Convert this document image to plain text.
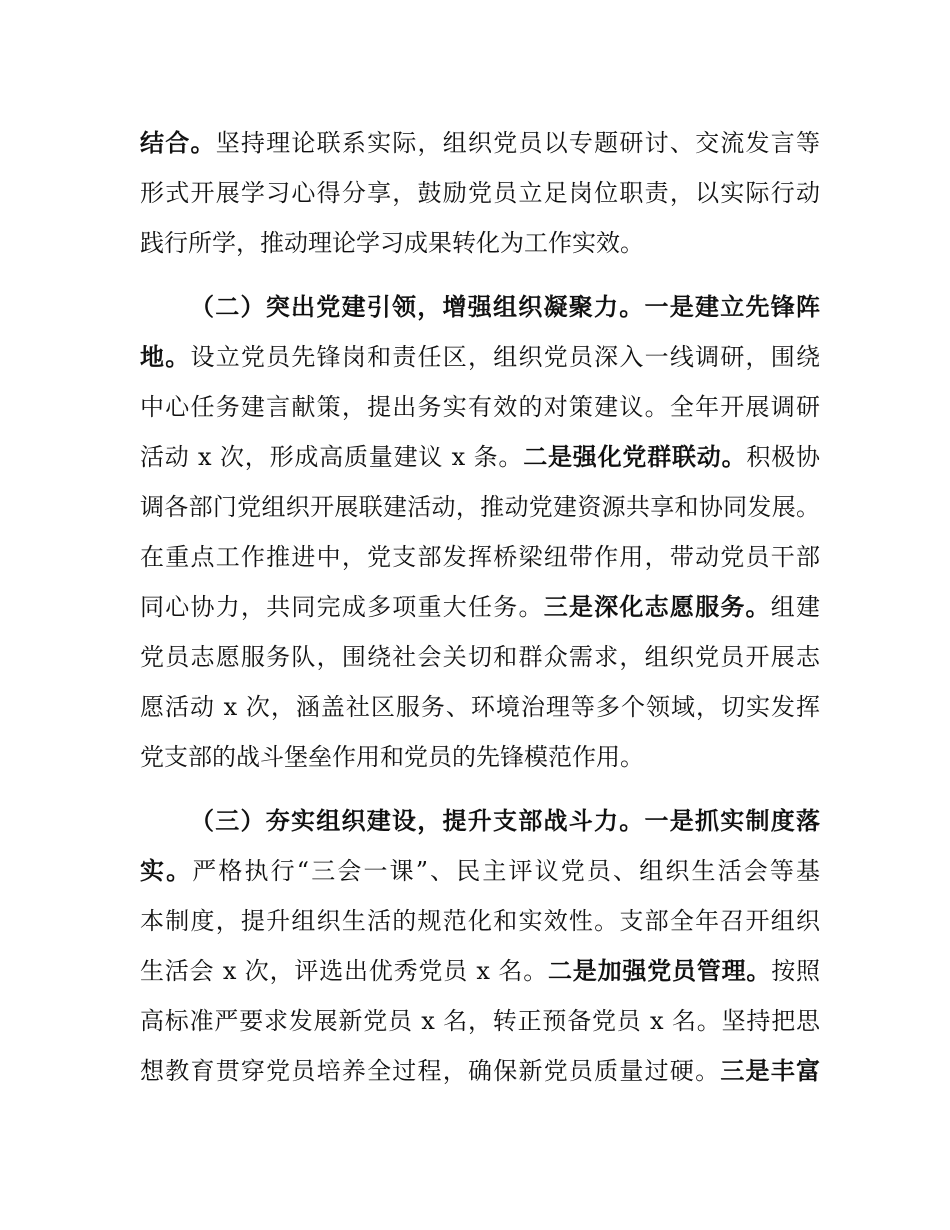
结合。坚持理论联系实际，组织党员以专题研讨、交流发言等
形式开展学习心得分享，鼓励党员立足岗位职责，以实际行动
践行所学，推动理论学习成果转化为工作实效。
（二）突出党建引领，增强组织凝聚力。一是建立先锋阵
地。设立党员先锋岗和责任区，组织党员深入一线调研，围绕
中心任务建言献策，提出务实有效的对策建议。全年开展调研
活动 x 次，形成高质量建议 x 条。二是强化党群联动。积极协
调各部门党组织开展联建活动，推动党建资源共享和协同发展。
在重点工作推进中，党支部发挥桥梁纽带作用，带动党员干部
同心协力，共同完成多项重大任务。三是深化志愿服务。组建
党员志愿服务队，围绕社会关切和群众需求，组织党员开展志
愿活动 x 次，涵盖社区服务、环境治理等多个领域，切实发挥
党支部的战斗堡垒作用和党员的先锋模范作用。
（三）夯实组织建设，提升支部战斗力。一是抓实制度落
实。严格执行“三会一课”、民主评议党员、组织生活会等基
本制度，提升组织生活的规范化和实效性。支部全年召开组织
生活会 x 次，评选出优秀党员 x 名。二是加强党员管理。按照
高标准严要求发展新党员 x 名，转正预备党员 x 名。坚持把思
想教育贯穿党员培养全过程，确保新党员质量过硬。三是丰富
